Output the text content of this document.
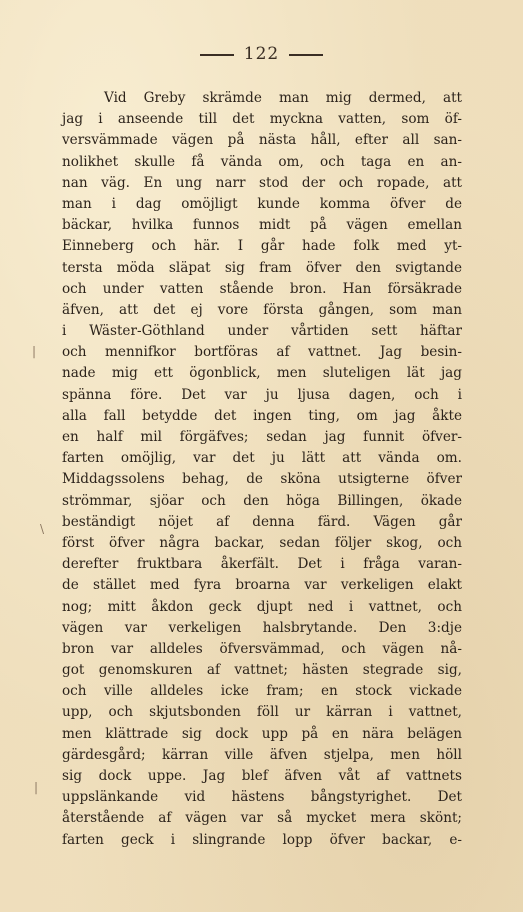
122
|
\
|
Vid Greby skrämde man mig dermed, att
jag i anseende till det myckna vatten, som öf-
versvämmade vägen på nästa håll, efter all san-
nolikhet skulle få vända om, och taga en an-
nan väg. En ung narr stod der och ropade, att
man i dag omöjligt kunde komma öfver de
bäckar, hvilka funnos midt på vägen emellan
Einneberg och här. I går hade folk med yt-
tersta möda släpat sig fram öfver den svigtande
och under vatten stående bron. Han försäkrade
äfven, att det ej vore första gången, som man
i Wäster-Göthland under vårtiden sett häftar
och mennifkor bortföras af vattnet. Jag besin-
nade mig ett ögonblick, men sluteligen lät jag
spänna före. Det var ju ljusa dagen, och i
alla fall betydde det ingen ting, om jag åkte
en half mil förgäfves; sedan jag funnit öfver-
farten omöjlig, var det ju lätt att vända om.
Middagssolens behag, de sköna utsigterne öfver
strömmar, sjöar och den höga Billingen, ökade
beständigt nöjet af denna färd. Vägen går
först öfver några backar, sedan följer skog, och
derefter fruktbara åkerfält. Det i fråga varan-
de stället med fyra broarna var verkeligen elakt
nog; mitt åkdon geck djupt ned i vattnet, och
vägen var verkeligen halsbrytande. Den 3:dje
bron var alldeles öfversvämmad, och vägen nå-
got genomskuren af vattnet; hästen stegrade sig,
och ville alldeles icke fram; en stock vickade
upp, och skjutsbonden föll ur kärran i vattnet,
men klättrade sig dock upp på en nära belägen
gärdesgård; kärran ville äfven stjelpa, men höll
sig dock uppe. Jag blef äfven våt af vattnets
uppslänkande vid hästens bångstyrighet. Det
återstående af vägen var så mycket mera skönt;
farten geck i slingrande lopp öfver backar, e-
